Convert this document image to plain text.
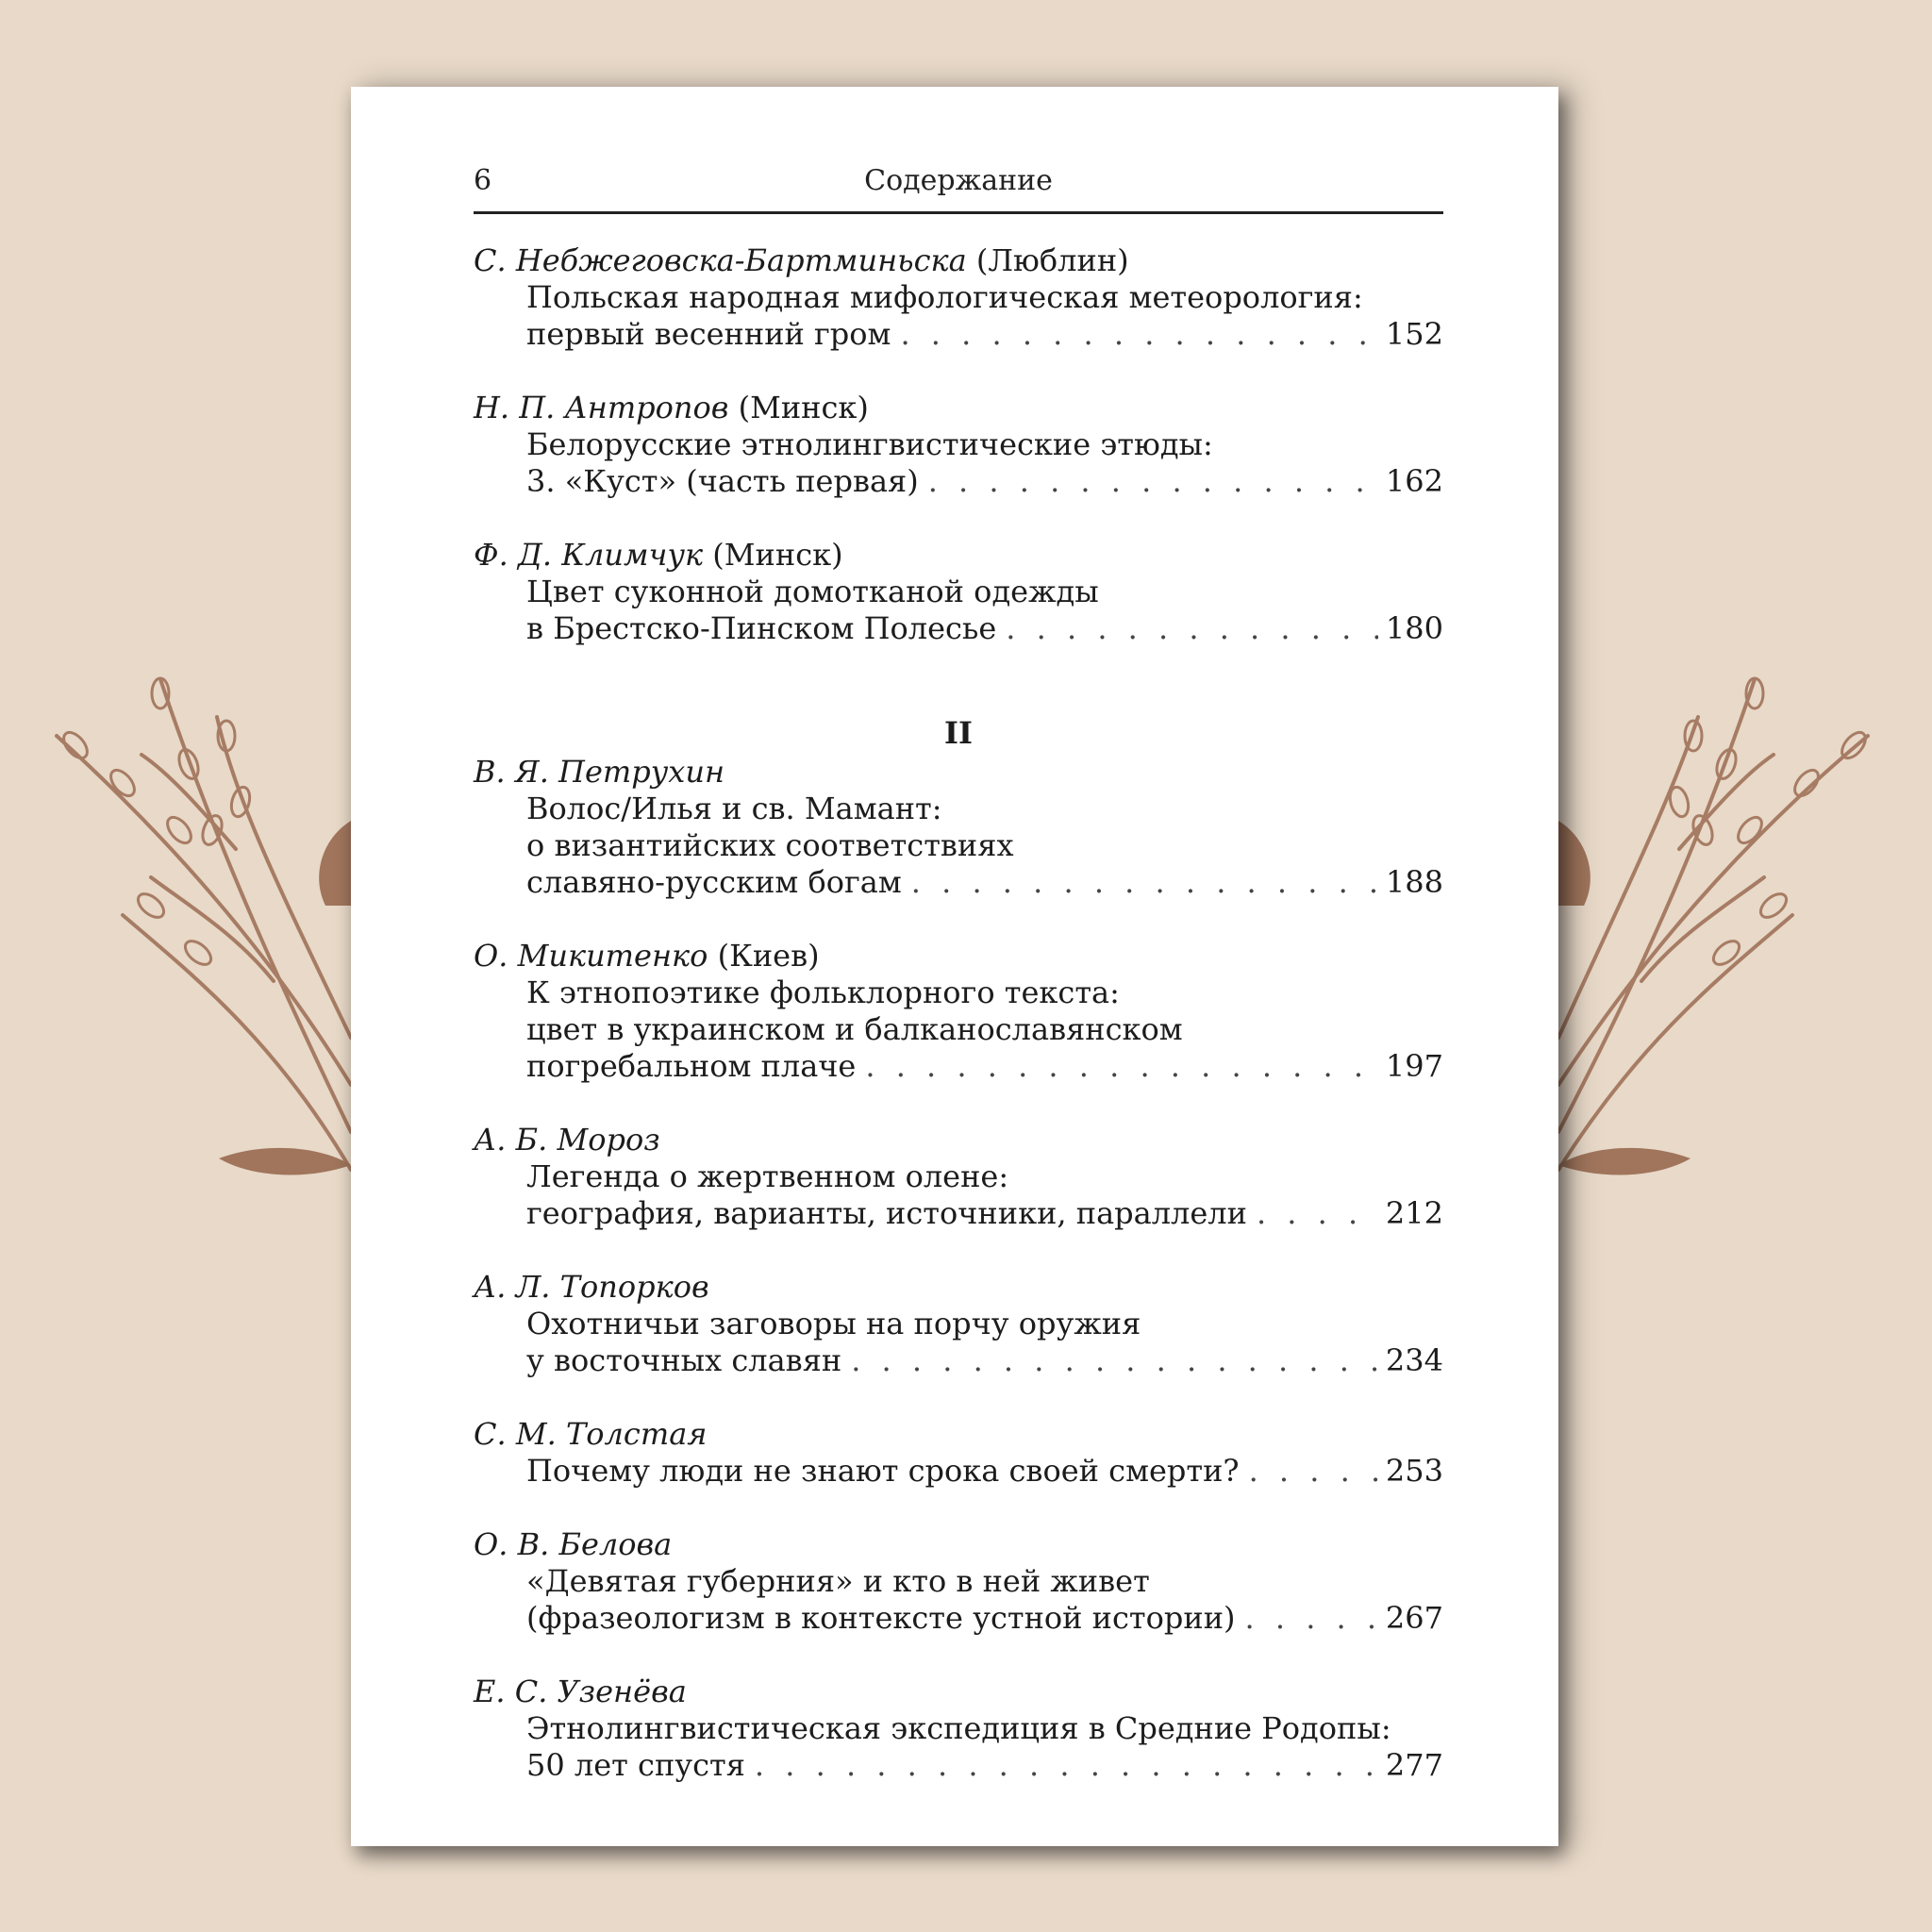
6	Содержание
С. Небжеговска-Бартминьска (Люблин)
Польская народная мифологическая метеорология:
первый весенний гром . . .	152
Н. П. Антропов (Минск)
Белорусские этнолингвистические этюды:
3. «Куст» (часть первая) . . .	162
Ф. Д. Климчук (Минск)
Цвет суконной домотканой одежды
в Брестско-Пинском Полесье . . .	180
II
В. Я. Петрухин
Волос/Илья и св. Мамант:
о византийских соответствиях
славяно-русским богам . . .	188
О. Микитенко (Киев)
К этнопоэтике фольклорного текста:
цвет в украинском и балканославянском
погребальном плаче . . .	197
А. Б. Мороз
Легенда о жертвенном олене:
география, варианты, источники, параллели . . .	212
А. Л. Топорков
Охотничьи заговоры на порчу оружия
у восточных славян . . .	234
С. М. Толстая
Почему люди не знают срока своей смерти? . . .	253
О. В. Белова
«Девятая губерния» и кто в ней живет
(фразеологизм в контексте устной истории) . . .	267
Е. С. Узенёва
Этнолингвистическая экспедиция в Средние Родопы:
50 лет спустя . . .	277
